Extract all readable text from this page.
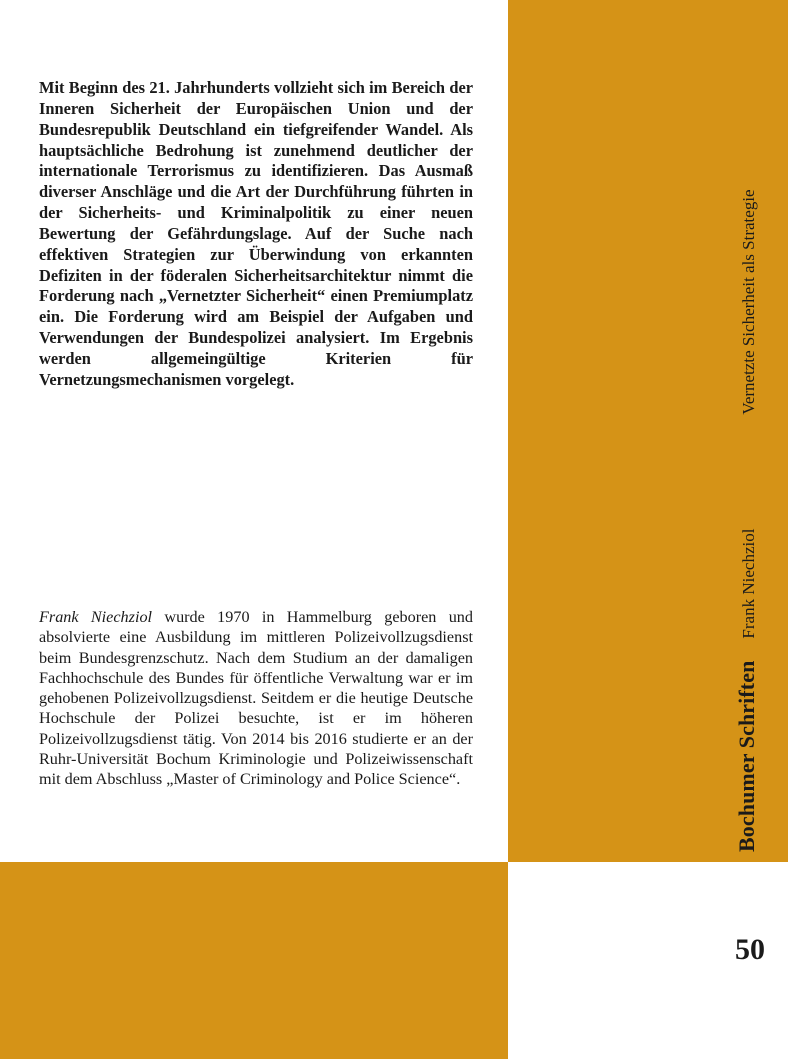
Mit Beginn des 21. Jahrhunderts vollzieht sich im Bereich der Inneren Sicherheit der Europäischen Union und der Bundesrepublik Deutschland ein tiefgreifender Wandel. Als hauptsächliche Bedrohung ist zunehmend deutlicher der internationale Terrorismus zu identifizieren. Das Ausmaß diverser Anschläge und die Art der Durchführung führten in der Sicherheits- und Kriminalpolitik zu einer neuen Bewertung der Gefährdungslage. Auf der Suche nach effektiven Strategien zur Überwindung von erkannten Defiziten in der föderalen Sicherheitsarchitektur nimmt die Forderung nach „Vernetzter Sicherheit“ einen Premiumplatz ein. Die Forderung wird am Beispiel der Aufgaben und Verwendungen der Bundespolizei analysiert. Im Ergebnis werden allgemeingültige Kriterien für Vernetzungsmechanismen vorgelegt.

Frank Niechziol wurde 1970 in Hammelburg geboren und absolvierte eine Ausbildung im mittleren Polizeivollzugsdienst beim Bundesgrenzschutz. Nach dem Studium an der damaligen Fachhochschule des Bundes für öffentliche Verwaltung war er im gehobenen Polizeivollzugsdienst. Seitdem er die heutige Deutsche Hochschule der Polizei besuchte, ist er im höheren Polizeivollzugsdienst tätig. Von 2014 bis 2016 studierte er an der Ruhr-Universität Bochum Kriminologie und Polizeiwissenschaft mit dem Abschluss „Master of Criminology and Police Science“.	Bochumer Schriften Frank Niechziol Vernetzte Sicherheit als Strategie
50
